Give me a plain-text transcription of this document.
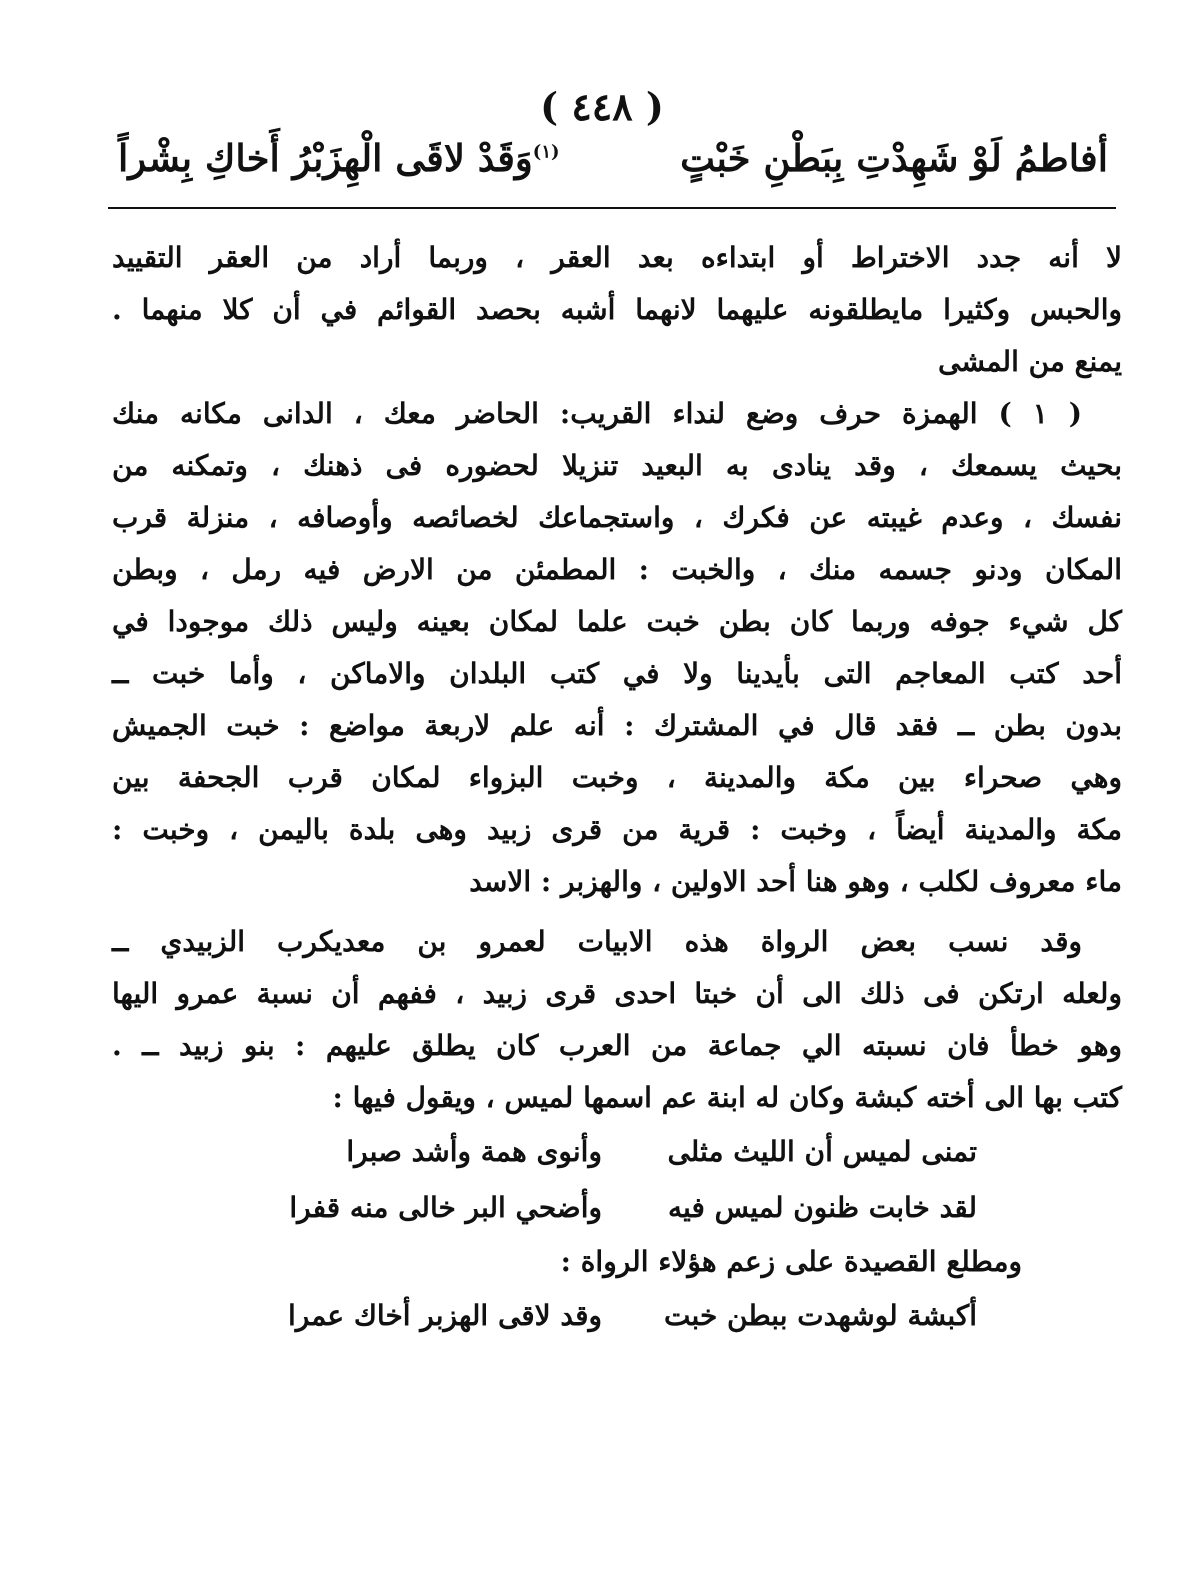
( ٤٤٨ )
أفاطمُ لَوْ شَهِدْتِ بِبَطْنِ خَبْتٍ
$^{(١)}$وَقَدْ لاقَى الْهِزَبْرُ أَخاكِ بِشْراً
لا أنه جدد الاختراط أو ابتداءه بعد العقر ، وربما أراد من العقر التقييد
والحبس وكثيرا مايطلقونه عليهما لانهما أشبه بحصد القوائم في أن كلا منهما .
يمنع من المشى
( ١ ) الهمزة حرف وضع لنداء القريب: الحاضر معك ، الدانى مكانه منك
بحيث يسمعك ، وقد ينادى به البعيد تنزيلا لحضوره فى ذهنك ، وتمكنه من
نفسك ، وعدم غيبته عن فكرك ، واستجماعك لخصائصه وأوصافه ، منزلة قرب
المكان ودنو جسمه منك ، والخبت : المطمئن من الارض فيه رمل ، وبطن
كل شيء جوفه وربما كان بطن خبت علما لمكان بعينه وليس ذلك موجودا في
أحد كتب المعاجم التى بأيدينا ولا في كتب البلدان والاماكن ، وأما خبت ــ
بدون بطن ــ فقد قال في المشترك : أنه علم لاربعة مواضع : خبت الجميش
وهي صحراء بين مكة والمدينة ، وخبت البزواء لمكان قرب الجحفة بين
مكة والمدينة أيضاً ، وخبت : قرية من قرى زبيد وهى بلدة باليمن ، وخبت :
ماء معروف لكلب ، وهو هنا أحد الاولين ، والهزبر : الاسد
وقد نسب بعض الرواة هذه الابيات لعمرو بن معديكرب الزبيدي ــ
ولعله ارتكن فى ذلك الى أن خبتا احدى قرى زبيد ، ففهم أن نسبة عمرو اليها
وهو خطأ فان نسبته الي جماعة من العرب كان يطلق عليهم : بنو زبيد ــ .
كتب بها الى أخته كبشة وكان له ابنة عم اسمها لميس ، ويقول فيها :
تمنى لميس أن الليث مثلى
وأنوى همة وأشد صبرا
لقد خابت ظنون لميس فيه
وأضحي البر خالى منه قفرا
ومطلع القصيدة على زعم هؤلاء الرواة :
أكبشة لوشهدت ببطن خبت
وقد لاقى الهزبر أخاك عمرا
